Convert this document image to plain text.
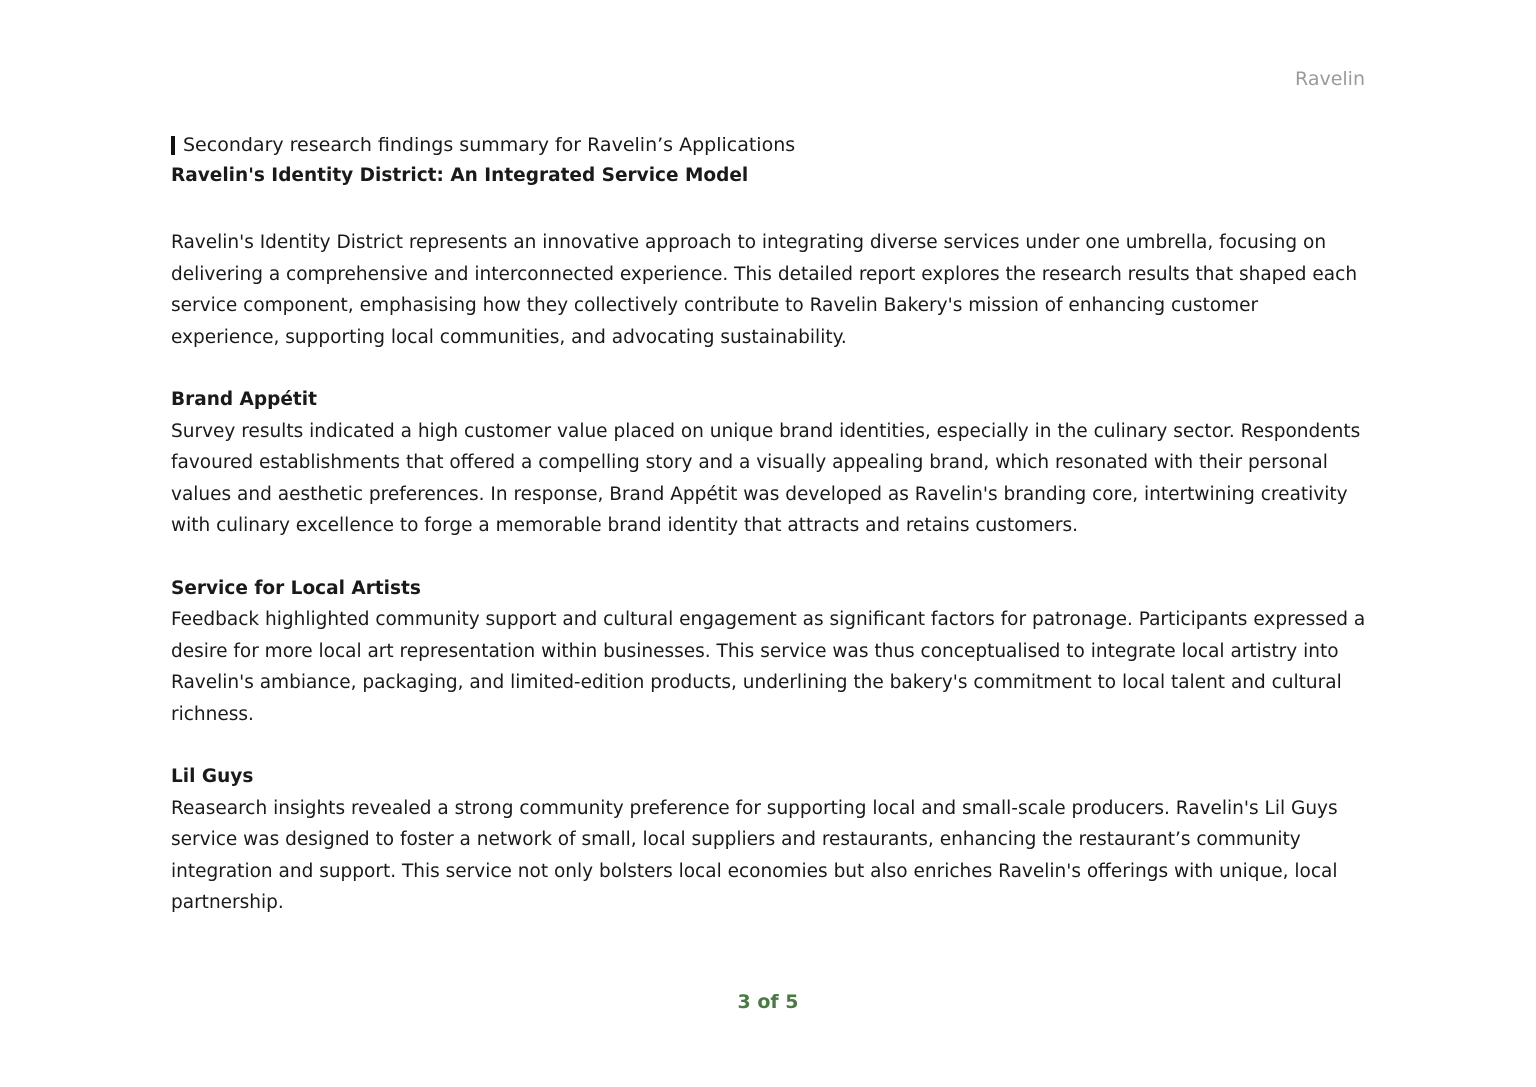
Ravelin
Secondary research findings summary for Ravelin’s Applications
Ravelin's Identity District: An Integrated Service Model

Ravelin's Identity District represents an innovative approach to integrating diverse services under one umbrella, focusing on delivering a comprehensive and interconnected experience. This detailed report explores the research results that shaped each service component, emphasising how they collectively contribute to Ravelin Bakery's mission of enhancing customer experience, supporting local communities, and advocating sustainability.

Brand Appétit

Survey results indicated a high customer value placed on unique brand identities, especially in the culinary sector. Respondents favoured establishments that offered a compelling story and a visually appealing brand, which resonated with their personal values and aesthetic preferences. In response, Brand Appétit was developed as Ravelin's branding core, intertwining creativity with culinary excellence to forge a memorable brand identity that attracts and retains customers.

Service for Local Artists

Feedback highlighted community support and cultural engagement as significant factors for patronage. Participants expressed a desire for more local art representation within businesses. This service was thus conceptualised to integrate local artistry into Ravelin's ambiance, packaging, and limited-edition products, underlining the bakery's commitment to local talent and cultural richness.

Lil Guys

Reasearch insights revealed a strong community preference for supporting local and small-scale producers. Ravelin's Lil Guys service was designed to foster a network of small, local suppliers and restaurants, enhancing the restaurant’s community integration and support. This service not only bolsters local economies but also enriches Ravelin's offerings with unique, local partnership.

3 of 5
